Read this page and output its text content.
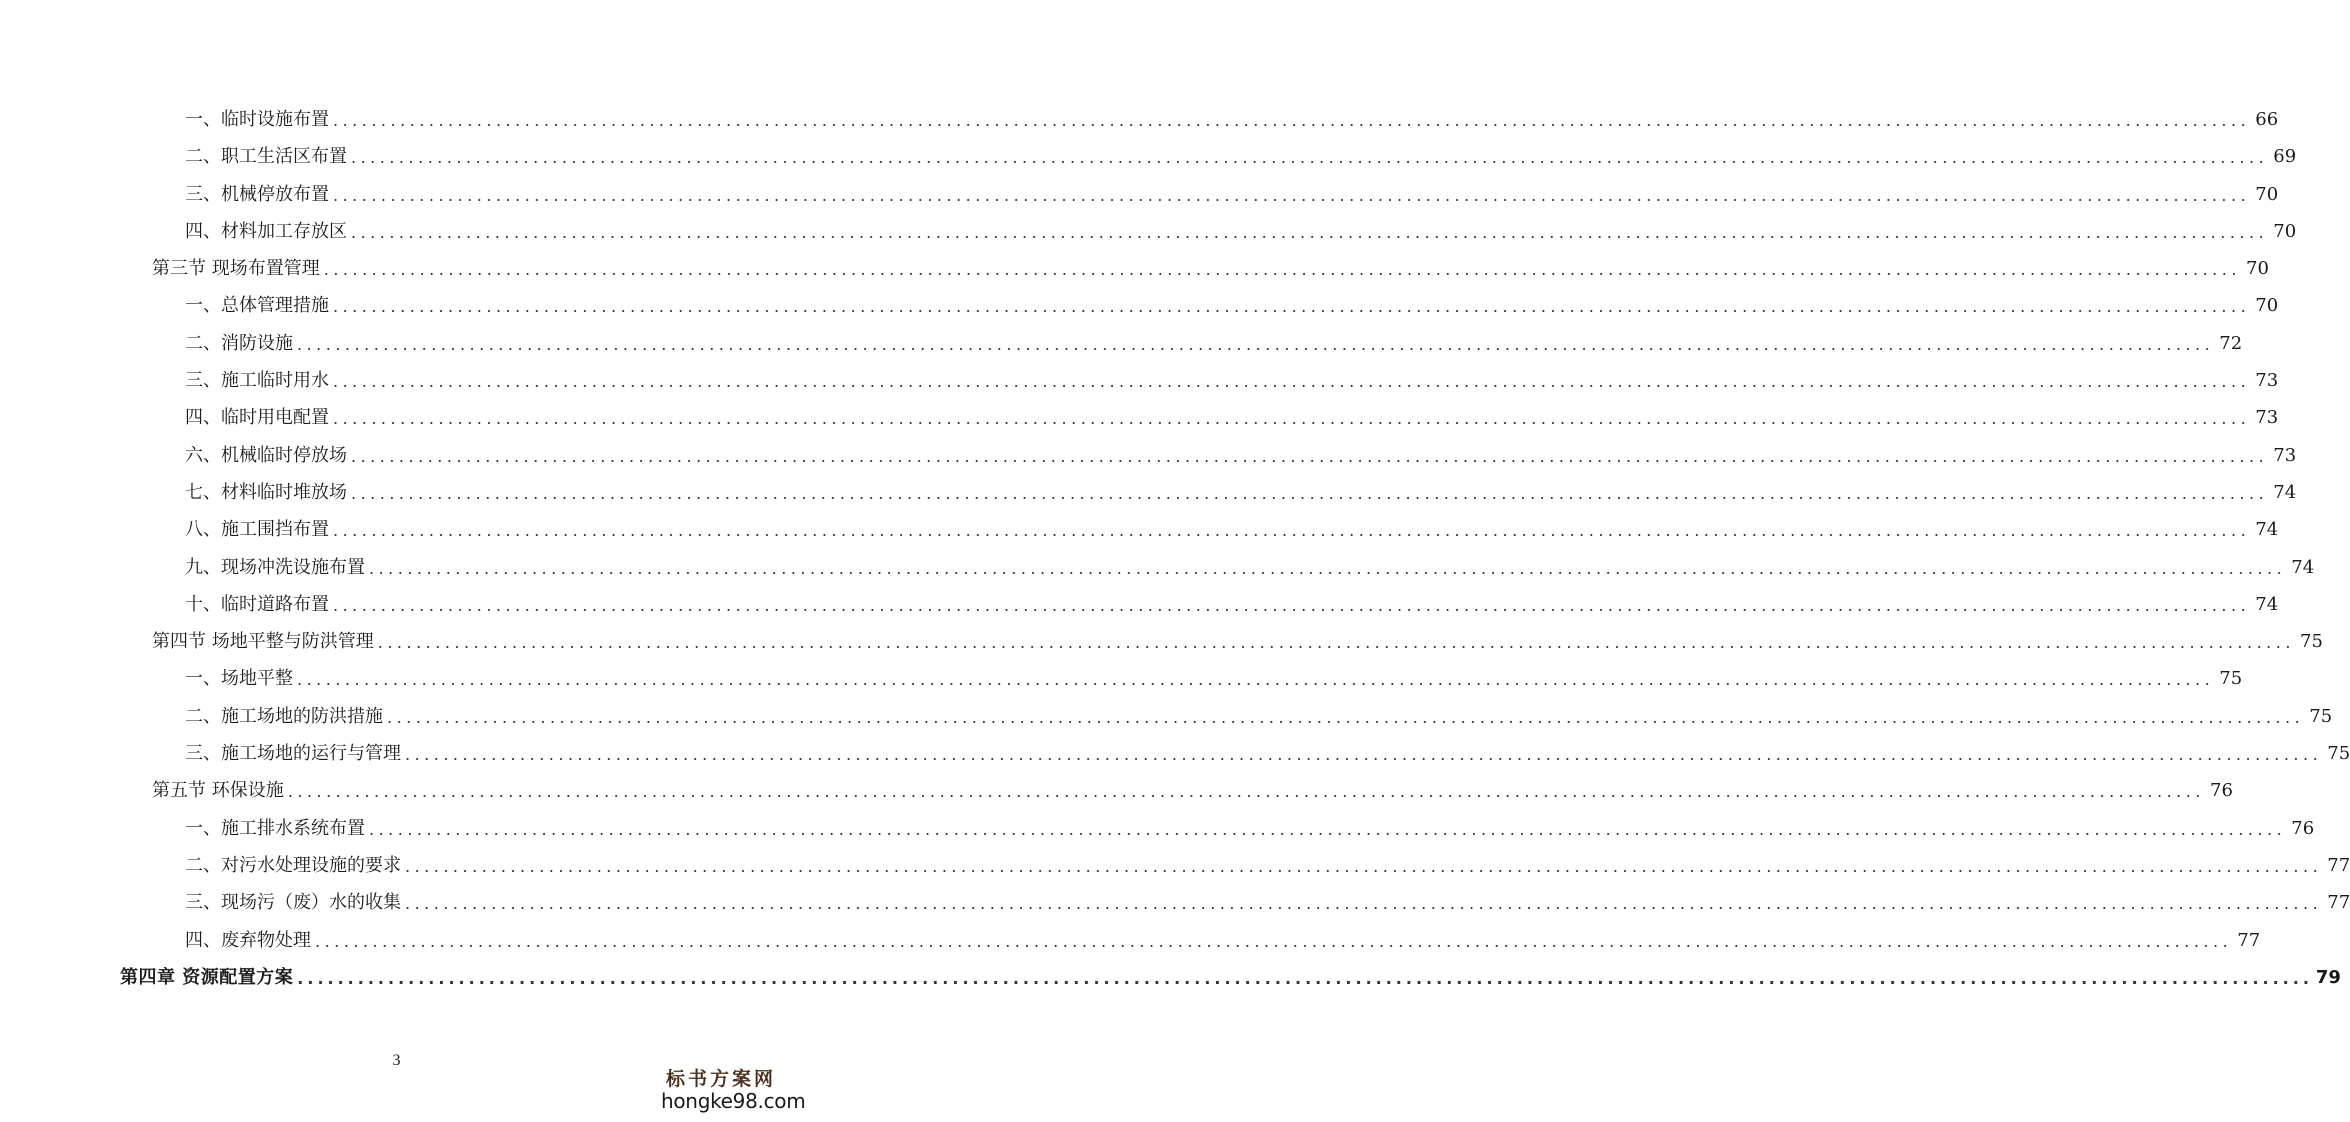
一、临时设施布置 ........................................................................................................................................................................................................ 66
二、职工生活区布置 ........................................................................................................................................................................................................ 69
三、机械停放布置 ........................................................................................................................................................................................................ 70
四、材料加工存放区 ........................................................................................................................................................................................................ 70
第三节 现场布置管理 ........................................................................................................................................................................................................ 70
一、总体管理措施 ........................................................................................................................................................................................................ 70
二、消防设施 ........................................................................................................................................................................................................ 72
三、施工临时用水 ........................................................................................................................................................................................................ 73
四、临时用电配置 ........................................................................................................................................................................................................ 73
六、机械临时停放场 ........................................................................................................................................................................................................ 73
七、材料临时堆放场 ........................................................................................................................................................................................................ 74
八、施工围挡布置 ........................................................................................................................................................................................................ 74
九、现场冲洗设施布置 ........................................................................................................................................................................................................ 74
十、临时道路布置 ........................................................................................................................................................................................................ 74
第四节 场地平整与防洪管理 ........................................................................................................................................................................................................ 75
一、场地平整 ........................................................................................................................................................................................................ 75
二、施工场地的防洪措施 ........................................................................................................................................................................................................ 75
三、施工场地的运行与管理 ........................................................................................................................................................................................................ 75
第五节 环保设施 ........................................................................................................................................................................................................ 76
一、施工排水系统布置 ........................................................................................................................................................................................................ 76
二、对污水处理设施的要求 ........................................................................................................................................................................................................ 77
三、现场污（废）水的收集 ........................................................................................................................................................................................................ 77
四、废弃物处理 ........................................................................................................................................................................................................ 77
第四章 资源配置方案 ........................................................................................................................................................................................................ 79
3
标书方案网
hongke98.com
